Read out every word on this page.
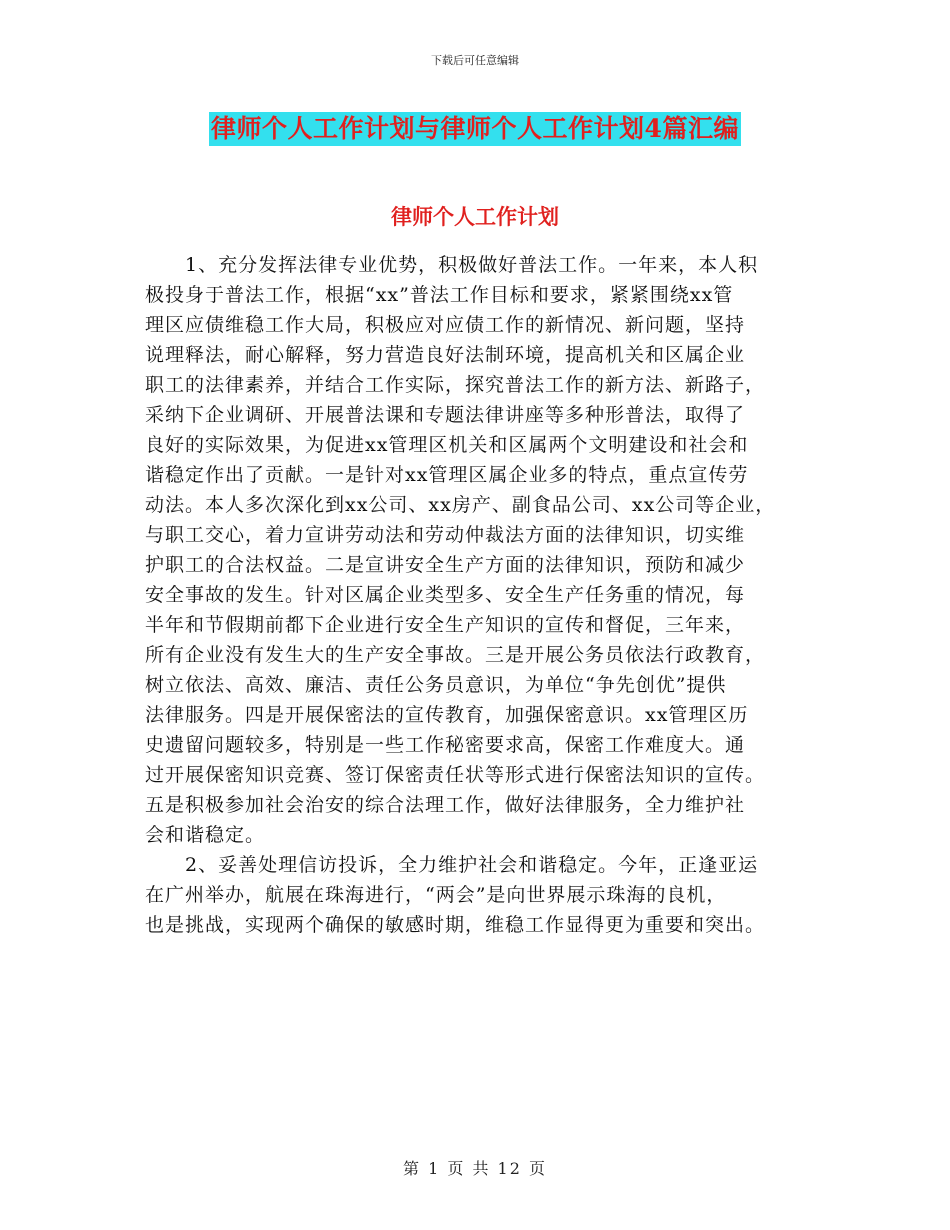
下载后可任意编辑
律师个人工作计划与律师个人工作计划4篇汇编
律师个人工作计划
1、充分发挥法律专业优势，积极做好普法工作。一年来，本人积
极投身于普法工作，根据“xx”普法工作目标和要求，紧紧围绕xx管
理区应债维稳工作大局，积极应对应债工作的新情况、新问题，坚持
说理释法，耐心解释，努力营造良好法制环境，提高机关和区属企业
职工的法律素养，并结合工作实际，探究普法工作的新方法、新路子，
采纳下企业调研、开展普法课和专题法律讲座等多种形普法，取得了
良好的实际效果，为促进xx管理区机关和区属两个文明建设和社会和
谐稳定作出了贡献。一是针对xx管理区属企业多的特点，重点宣传劳
动法。本人多次深化到xx公司、xx房产、副食品公司、xx公司等企业，
与职工交心，着力宣讲劳动法和劳动仲裁法方面的法律知识，切实维
护职工的合法权益。二是宣讲安全生产方面的法律知识，预防和减少
安全事故的发生。针对区属企业类型多、安全生产任务重的情况，每
半年和节假期前都下企业进行安全生产知识的宣传和督促，三年来，
所有企业没有发生大的生产安全事故。三是开展公务员依法行政教育，
树立依法、高效、廉洁、责任公务员意识，为单位“争先创优”提供
法律服务。四是开展保密法的宣传教育，加强保密意识。xx管理区历
史遗留问题较多，特别是一些工作秘密要求高，保密工作难度大。通
过开展保密知识竞赛、签订保密责任状等形式进行保密法知识的宣传。
五是积极参加社会治安的综合法理工作，做好法律服务，全力维护社
会和谐稳定。
2、妥善处理信访投诉，全力维护社会和谐稳定。今年，正逢亚运
在广州举办，航展在珠海进行，“两会”是向世界展示珠海的良机，
也是挑战，实现两个确保的敏感时期，维稳工作显得更为重要和突出。
第 1 页 共 12 页
